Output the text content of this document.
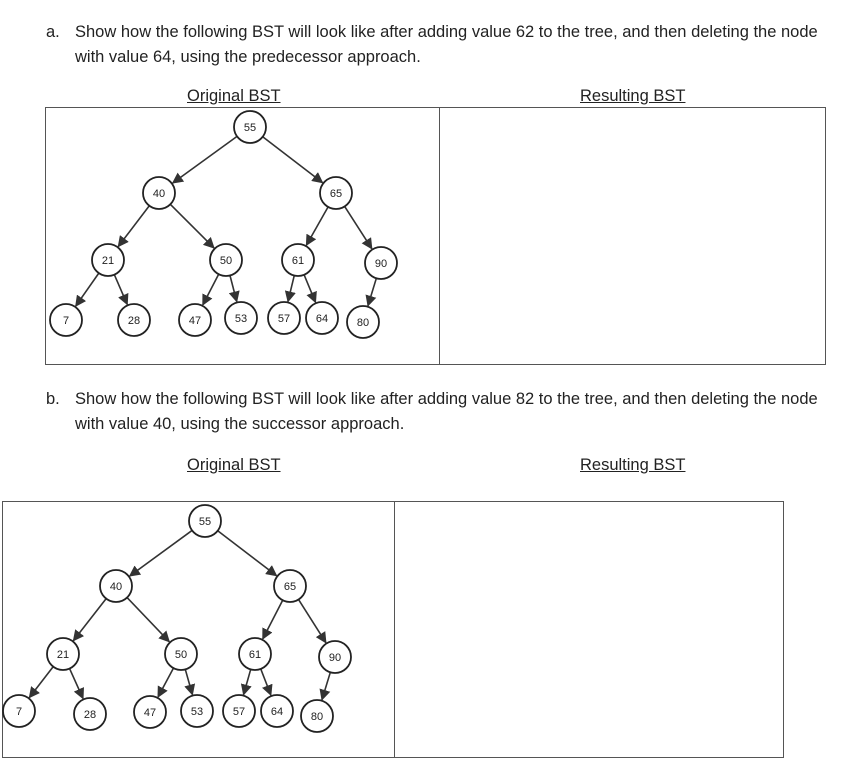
a. Show how the following BST will look like after adding value 62 to the tree, and then deleting the node with value 64, using the predecessor approach.
Original BST	Resulting BST
55
40	65
21	50	61	90
7	28	47	53	57 64	80
b. Show how the following BST will look like after adding value 82 to the tree, and then deleting the node with value 40, using the successor approach.
Original BST	Resulting BST
55
40	65
21	50	61	90
7	28	47	53	57 64	80
